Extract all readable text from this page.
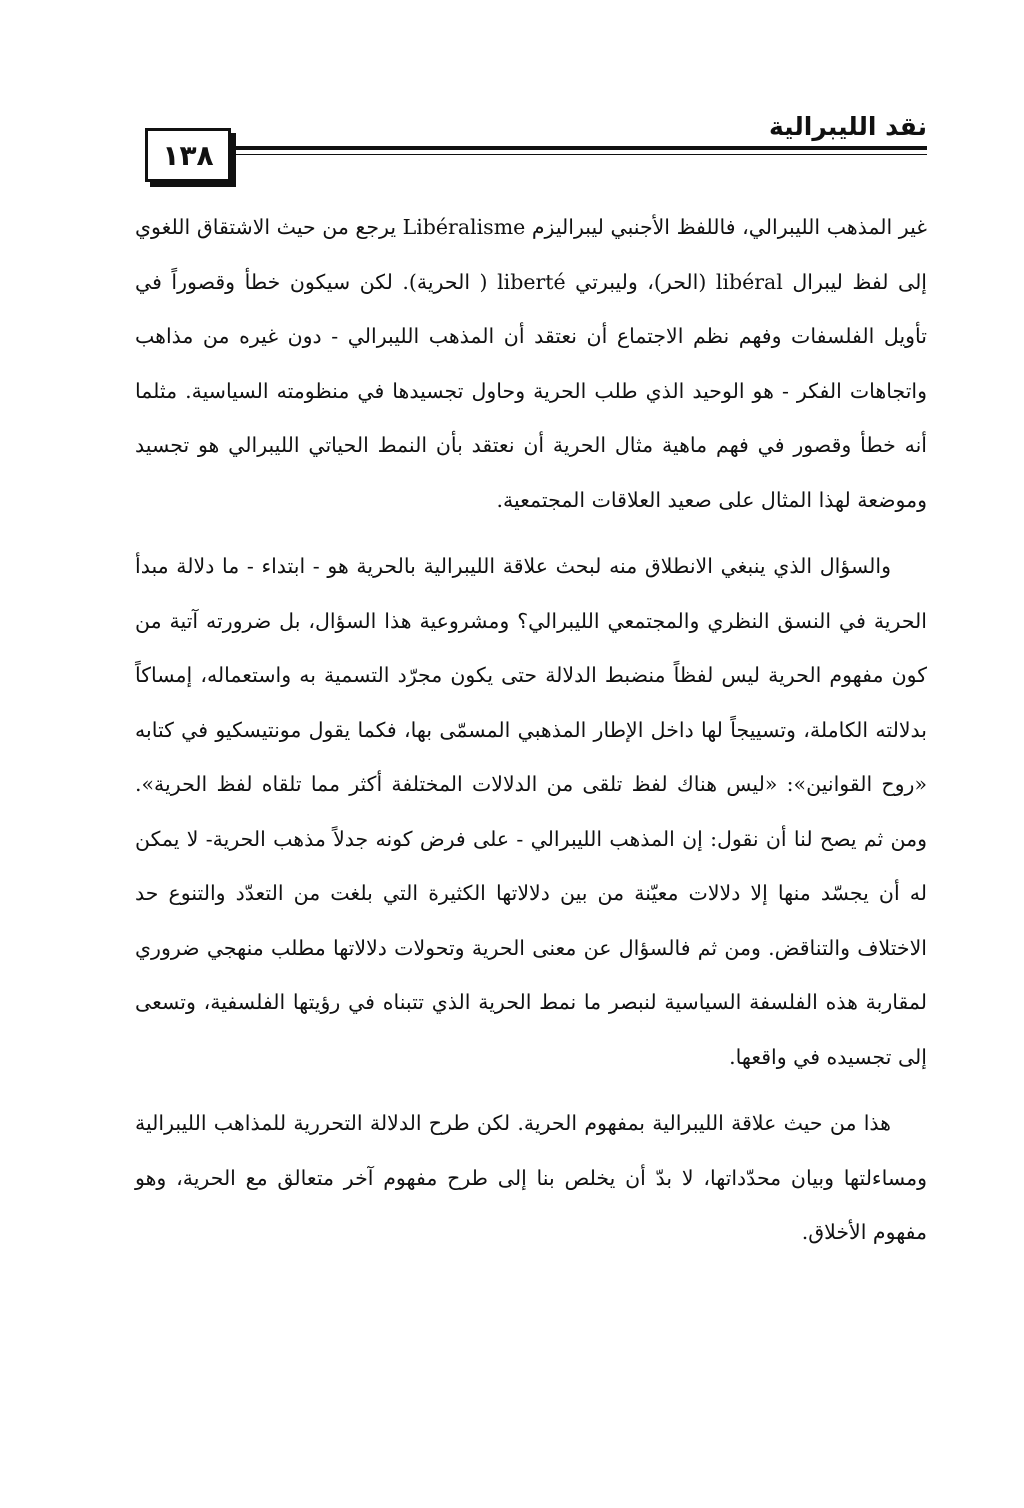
نقد الليبرالية
١٣٨

غير المذهب الليبرالي، فاللفظ الأجنبي ليبراليزم Libéralisme يرجع من حيث الاشتقاق اللغوي إلى لفظ ليبرال libéral (الحر)، وليبرتي liberté ( الحرية). لكن سيكون خطأ وقصوراً في تأويل الفلسفات وفهم نظم الاجتماع أن نعتقد أن المذهب الليبرالي - دون غيره من مذاهب واتجاهات الفكر - هو الوحيد الذي طلب الحرية وحاول تجسيدها في منظومته السياسية. مثلما أنه خطأ وقصور في فهم ماهية مثال الحرية أن نعتقد بأن النمط الحياتي الليبرالي هو تجسيد وموضعة لهذا المثال على صعيد العلاقات المجتمعية.

والسؤال الذي ينبغي الانطلاق منه لبحث علاقة الليبرالية بالحرية هو - ابتداء - ما دلالة مبدأ الحرية في النسق النظري والمجتمعي الليبرالي؟ ومشروعية هذا السؤال، بل ضرورته آتية من كون مفهوم الحرية ليس لفظاً منضبط الدلالة حتى يكون مجرّد التسمية به واستعماله، إمساكاً بدلالته الكاملة، وتسييجاً لها داخل الإطار المذهبي المسمّى بها، فكما يقول مونتيسكيو في كتابه «روح القوانين»: «ليس هناك لفظ تلقى من الدلالات المختلفة أكثر مما تلقاه لفظ الحرية». ومن ثم يصح لنا أن نقول: إن المذهب الليبرالي - على فرض كونه جدلاً مذهب الحرية- لا يمكن له أن يجسّد منها إلا دلالات معيّنة من بين دلالاتها الكثيرة التي بلغت من التعدّد والتنوع حد الاختلاف والتناقض. ومن ثم فالسؤال عن معنى الحرية وتحولات دلالاتها مطلب منهجي ضروري لمقاربة هذه الفلسفة السياسية لنبصر ما نمط الحرية الذي تتبناه في رؤيتها الفلسفية، وتسعى إلى تجسيده في واقعها.

هذا من حيث علاقة الليبرالية بمفهوم الحرية. لكن طرح الدلالة التحررية للمذاهب الليبرالية ومساءلتها وبيان محدّداتها، لا بدّ أن يخلص بنا إلى طرح مفهوم آخر متعالق مع الحرية، وهو مفهوم الأخلاق.
